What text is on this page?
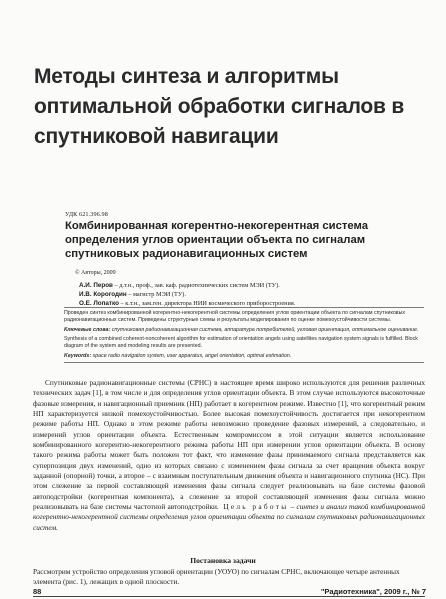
Методы синтеза и алгоритмы оптимальной обработки сигналов в спутниковой навигации
УДК 621.396.98
Комбинированная когерентно-некогерентная система определения углов ориентации объекта по сигналам спутниковых радионавигационных систем
© Авторы, 2009
А.И. Перов – д.т.н., проф., зав. каф. радиотехнических систем МЭИ (ТУ).
И.В. Корогодин – магистр МЭИ (ТУ).
О.Е. Лопатко – к.т.н., зам.ген. директора НИИ космического приборостроения.

Проведен синтез комбинированной когерентно-некогерентной системы определения углов ориентации объекта по сигналам спутниковых радионавигационных систем. Приведены структурные схемы и результаты моделирования по оценке помехоустойчивости системы.

Ключевые слова: спутниковая радионавигационная система, аппаратура потребителей, угловая ориентация, оптимальное оценивание.

Synthesis of a combined coherent-noncoherent algorithm for estimation of orientation angels using satellites navigation system signals is fulfilled. Block diagram of the system and modeling results are presented.

Keywords: space radio navigation system, user apparatus, angel orientation, optimal estimation.

Спутниковые радионавигационные системы (СРНС) в настоящее время широко используются для решения различных технических задач [1], в том числе и для определения углов ориентации объекта. В этом случае используются высокоточные фазовые измерения, и навигационный приемник (НП) работает в когерентном режиме. Известно [1], что когерентный режим НП характеризуется низкой помехоустойчивостью. Более высокая помехоустойчивость достигается при некогерентном режиме работы НП. Однако в этом режиме работы невозможно проведение фазовых измерений, а следовательно, и измерений углов ориентации объекта. Естественным компромиссом в этой ситуации является использование комбинированного когерентно-некогерентного режима работы НП при измерении углов ориентации объекта. В основу такого режима работы может быть положен тот факт, что изменение фазы принимаемого сигнала представляется как суперпозиция двух изменений, одно из которых связано с изменением фазы сигнала за счет вращения объекта вокруг заданной (опорной) точки, а второе – с взаимным поступательным движения объекта и навигационного спутника (НС). При этом слежение за первой составляющей изменения фазы сигнала следует реализовывать на базе системы фазовой автоподстройки (когерентная компонента), а слежение за второй составляющей изменения фазы сигнала можно реализовывать на базе системы частотной автоподстройки. Цель работы – синтез и анализ такой комбинированной когерентно-некогерентной системы определения углов ориентации объекта по сигналам спутниковых радионавигационных систем.

Постановка задачи
Рассмотрим устройство определения угловой ориентации (УОУО) по сигналам СРНС, включающее четыре антенных элемента (рис. 1), лежащих в одной плоскости.
88	"Радиотехника", 2009 г., № 7
